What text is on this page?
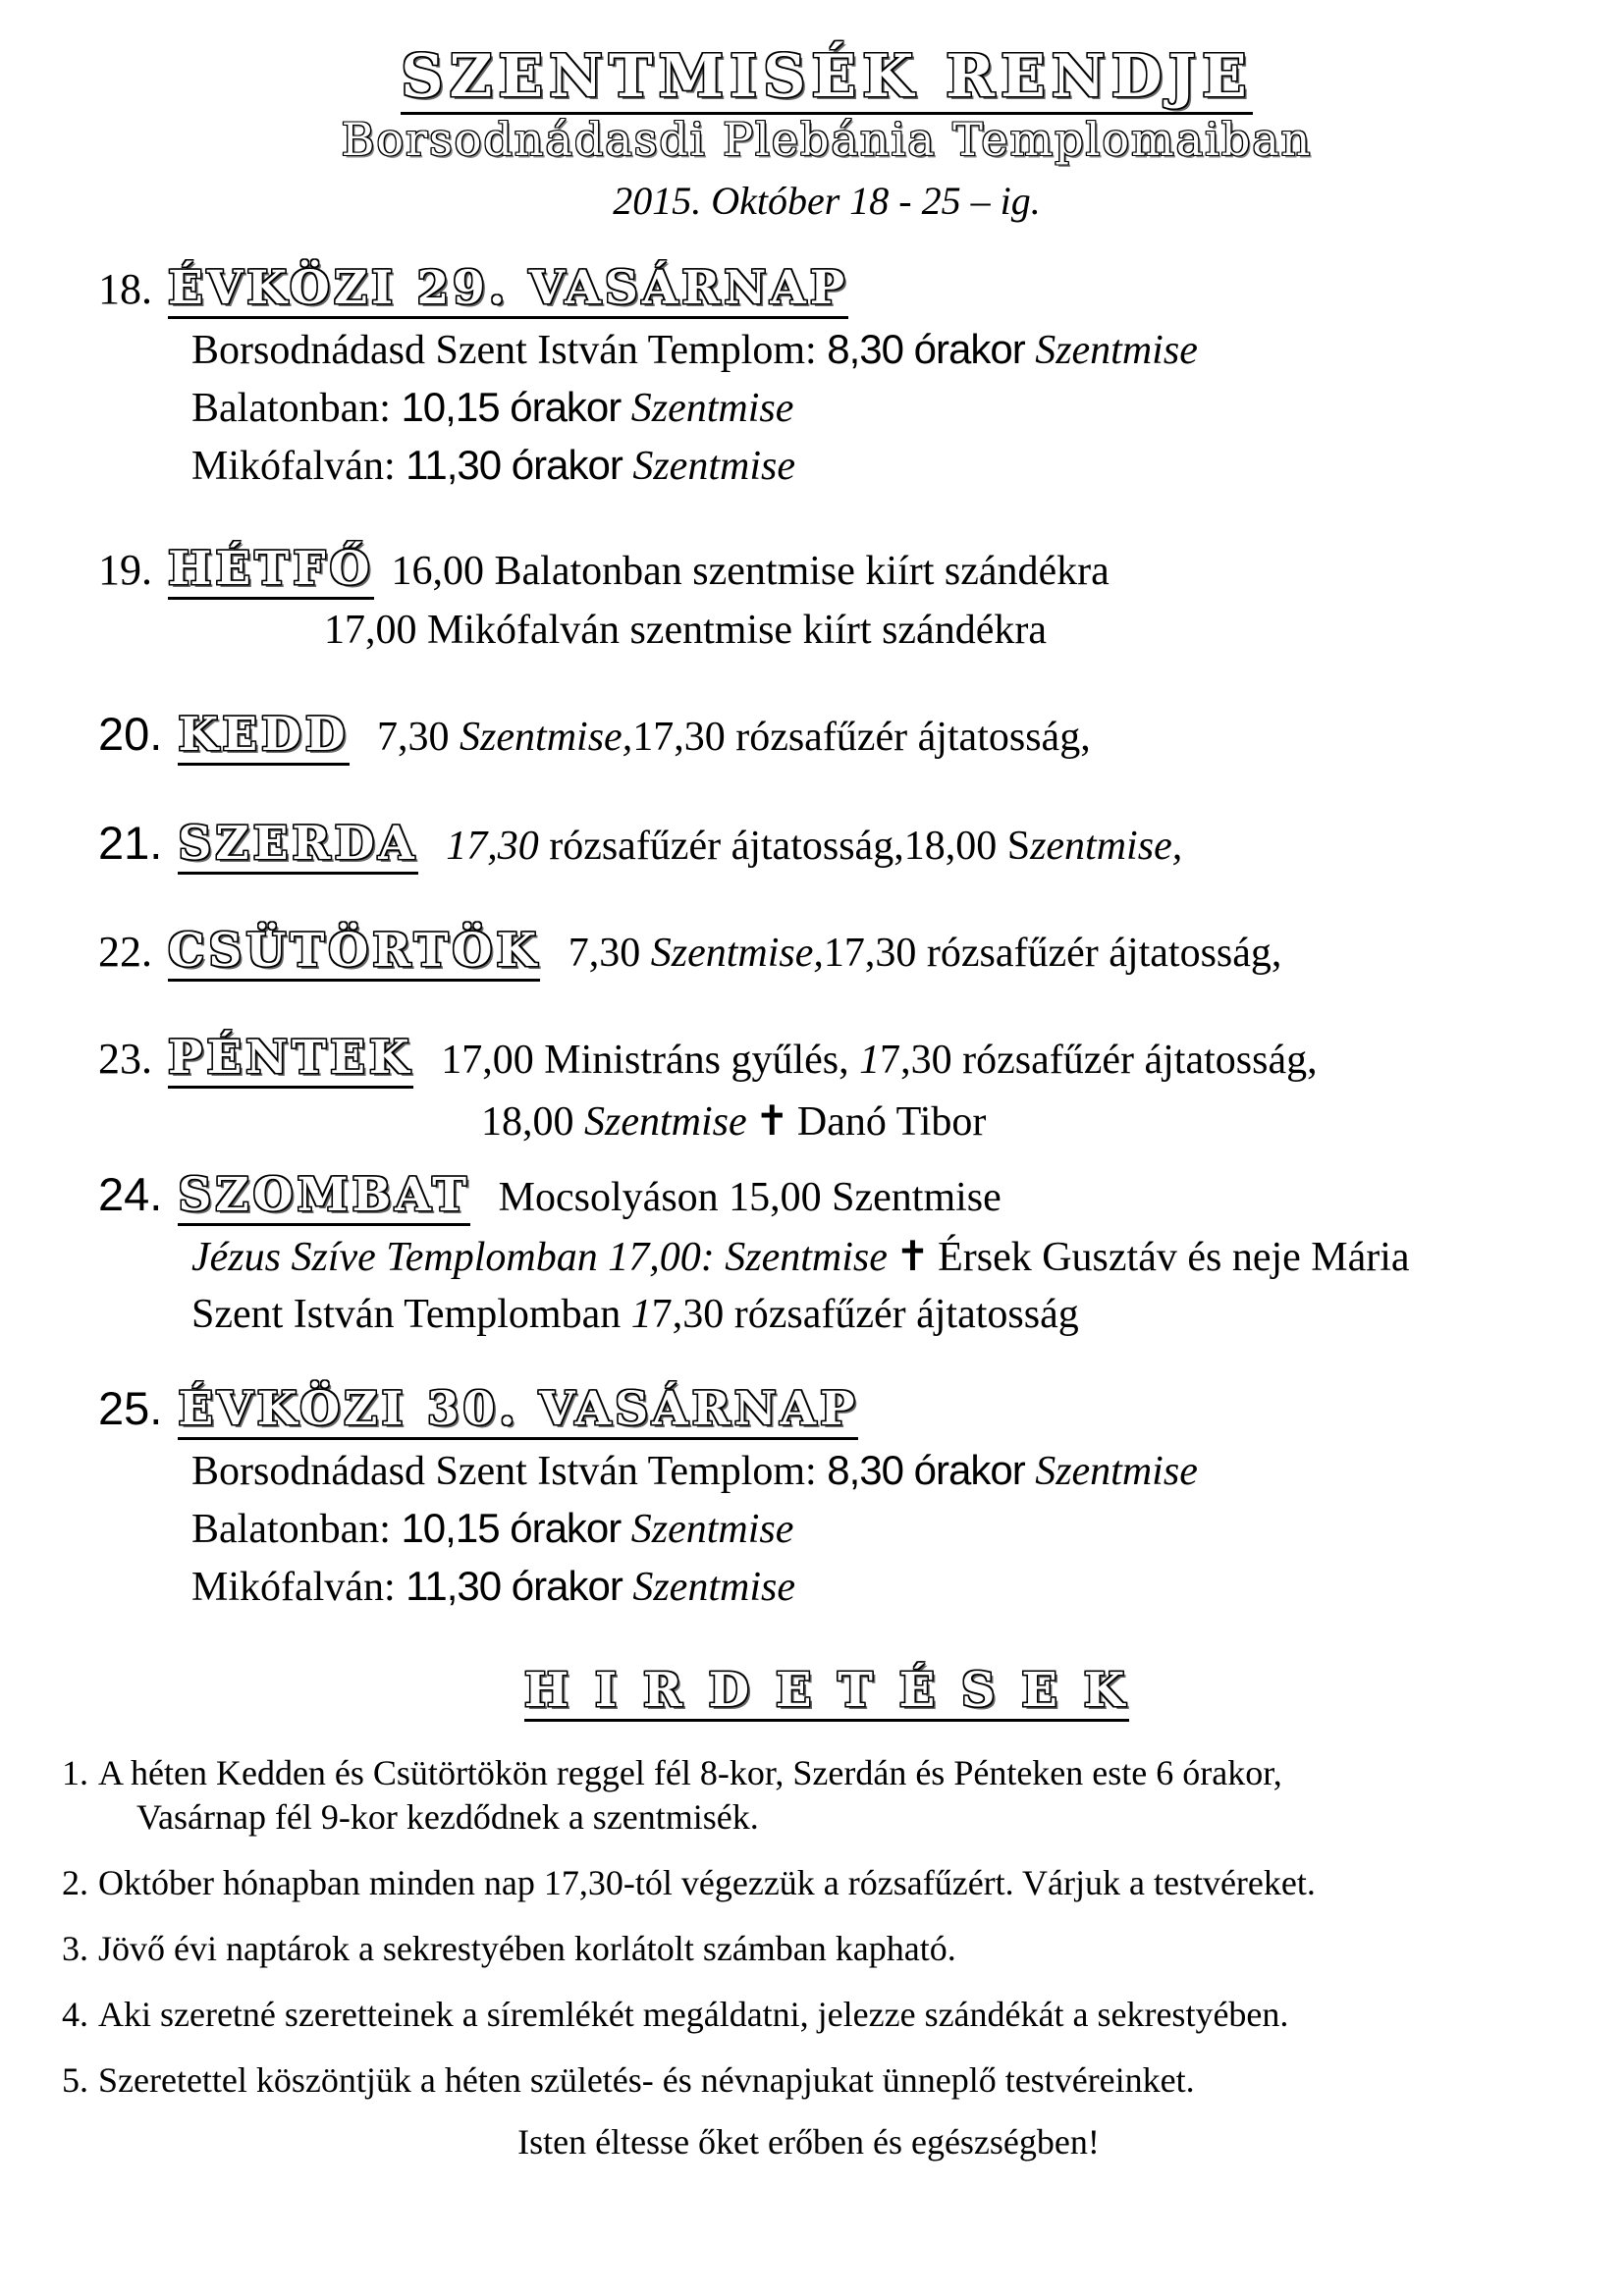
SZENTMISÉK RENDJE
Borsodnádasdi Plebánia Templomaiban
2015. Október 18 - 25 – ig.
18. ÉVKÖZI 29. VASÁRNAP
Borsodnádasd Szent István Templom: 8,30 órakor Szentmise
Balatonban: 10,15 órakor Szentmise
Mikófalván: 11,30 órakor Szentmise
19. HÉTFŐ 16,00 Balatonban szentmise kiírt szándékra
17,00 Mikófalván szentmise kiírt szándékra
20. KEDD 7,30 Szentmise,17,30 rózsafűzér ájtatosság,
21. SZERDA 17,30 rózsafűzér ájtatosság,18,00 Szentmise,
22. CSÜTÖRTÖK 7,30 Szentmise,17,30 rózsafűzér ájtatosság,
23. PÉNTEK 17,00 Ministráns gyűlés, 17,30 rózsafűzér ájtatosság,
18,00 Szentmise ✝ Danó Tibor
24. SZOMBAT Mocsolyáson 15,00 Szentmise
Jézus Szíve Templomban 17,00: Szentmise ✝ Érsek Gusztáv és neje Mária
Szent István Templomban 17,30 rózsafűzér ájtatosság
25. ÉVKÖZI 30. VASÁRNAP
Borsodnádasd Szent István Templom: 8,30 órakor Szentmise
Balatonban: 10,15 órakor Szentmise
Mikófalván: 11,30 órakor Szentmise
H I R D E T É S E K
1. A héten Kedden és Csütörtökön reggel fél 8-kor, Szerdán és Pénteken este 6 órakor,
Vasárnap fél 9-kor kezdődnek a szentmisék.
2. Október hónapban minden nap 17,30-tól végezzük a rózsafűzért. Várjuk a testvéreket.
3. Jövő évi naptárok a sekrestyében korlátolt számban kapható.
4. Aki szeretné szeretteinek a síremlékét megáldatni, jelezze szándékát a sekrestyében.
5. Szeretettel köszöntjük a héten születés- és névnapjukat ünneplő testvéreinket.
Isten éltesse őket erőben és egészségben!
